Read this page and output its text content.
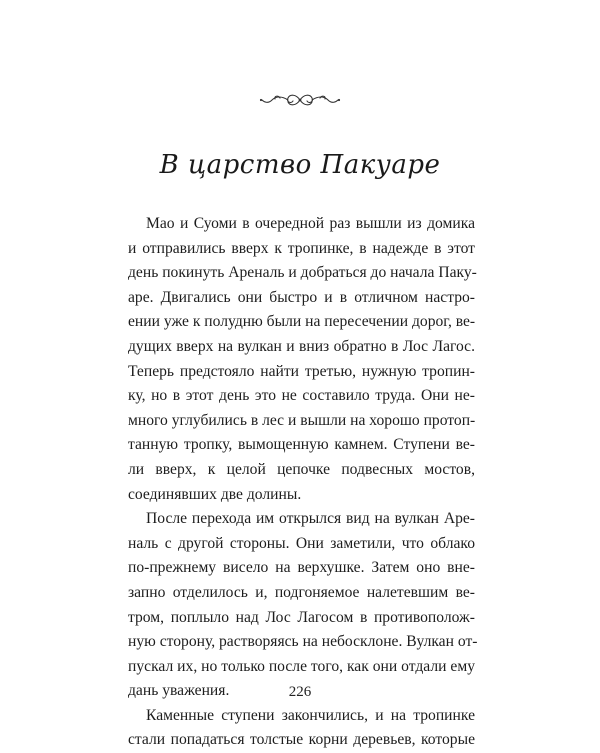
В царство Пакуаре
Мао и Суоми в очередной раз вышли из домика
и отправились вверх к тропинке, в надежде в этот
день покинуть Ареналь и добраться до начала Паку-
аре. Двигались они быстро и в отличном настро-
ении уже к полудню были на пересечении дорог, ве-
дущих вверх на вулкан и вниз обратно в Лос Лагос.
Теперь предстояло найти третью, нужную тропин-
ку, но в этот день это не составило труда. Они не-
много углубились в лес и вышли на хорошо протоп-
танную тропку, вымощенную камнем. Ступени ве-
ли вверх, к целой цепочке подвесных мостов,
соединявших две долины.
После перехода им открылся вид на вулкан Арe-
наль с другой стороны. Они заметили, что облако
по-прежнему висело на верхушке. Затем оно вне-
запно отделилось и, подгоняемое налетевшим ве-
тром, поплыло над Лос Лагосом в противополож-
ную сторону, растворяясь на небосклоне. Вулкан от-
пускал их, но только после того, как они отдали ему
дань уважения.
Каменные ступени закончились, и на тропинке
стали попадаться толстые корни деревьев, которые
226
